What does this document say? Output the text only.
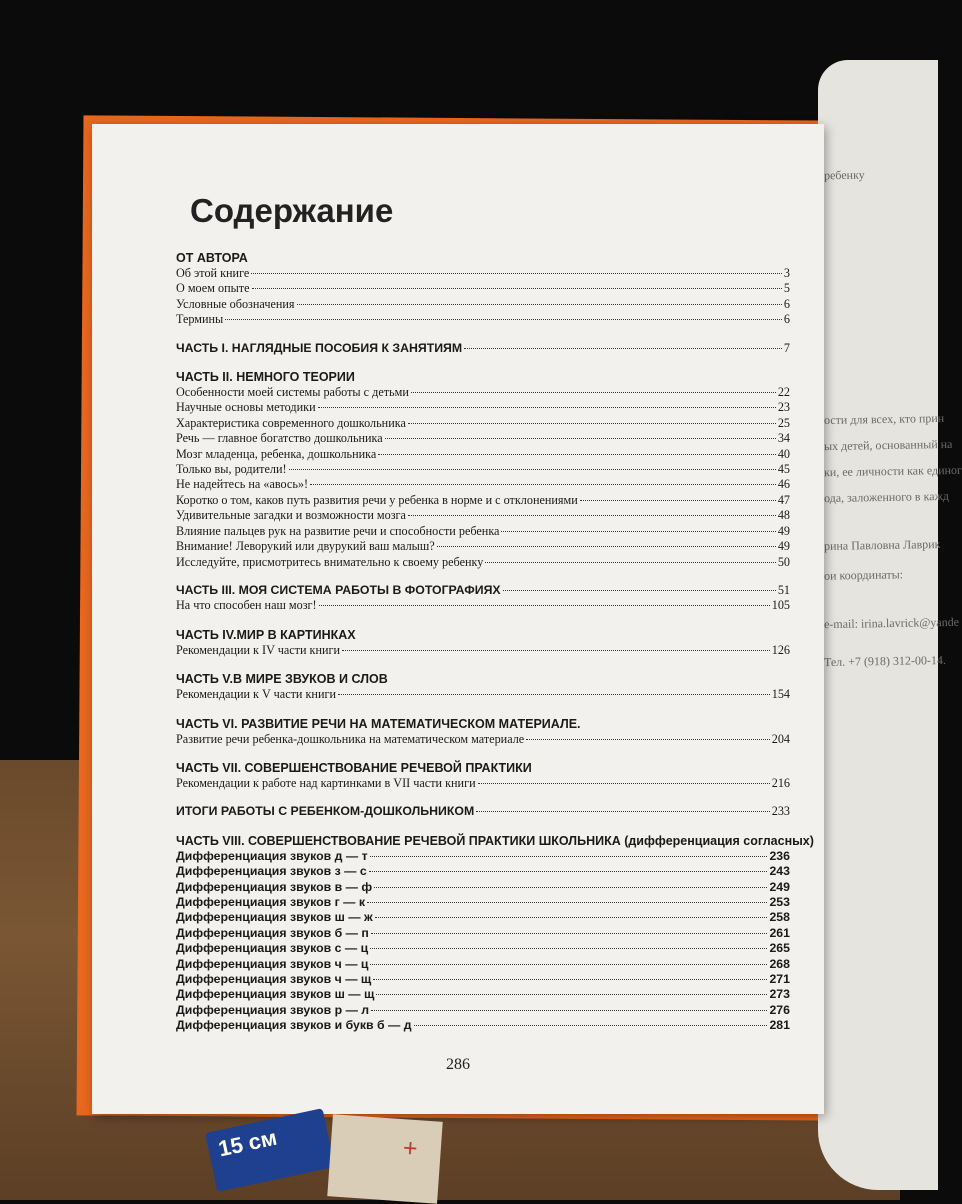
ребенку
ости для всех, кто прин
ых детей, основанный на
ки, ее личности как единог
ода, заложенного в кажд
рина Павловна Лаврик
ои координаты:
e-mail: irina.lavrick@yande
Тел. +7 (918) 312-00-14.
Содержание
ОТ АВТОРА
Об этой книге	3
О моем опыте	5
Условные обозначения	6
Термины	6
ЧАСТЬ I. НАГЛЯДНЫЕ ПОСОБИЯ К ЗАНЯТИЯМ	7
ЧАСТЬ II. НЕМНОГО ТЕОРИИ
Особенности моей системы работы с детьми	22
Научные основы методики	23
Характеристика современного дошкольника	25
Речь — главное богатство дошкольника	34
Мозг младенца, ребенка, дошкольника	40
Только вы, родители!	45
Не надейтесь на «авось»!	46
Коротко о том, каков путь развития речи у ребенка в норме и с отклонениями	47
Удивительные загадки и возможности мозга	48
Влияние пальцев рук на развитие речи и способности ребенка	49
Внимание! Леворукий или двурукий ваш малыш?	49
Исследуйте, присмотритесь внимательно к своему ребенку	50
ЧАСТЬ III. МОЯ СИСТЕМА РАБОТЫ В ФОТОГРАФИЯХ	51
На что способен наш мозг!	105
ЧАСТЬ IV.МИР В КАРТИНКАХ
Рекомендации к IV части книги	126
ЧАСТЬ V.В МИРЕ ЗВУКОВ И СЛОВ
Рекомендации к V части книги	154
ЧАСТЬ VI. РАЗВИТИЕ РЕЧИ НА МАТЕМАТИЧЕСКОМ МАТЕРИАЛЕ.
Развитие речи ребенка-дошкольника на математическом материале	204
ЧАСТЬ VII. СОВЕРШЕНСТВОВАНИЕ РЕЧЕВОЙ ПРАКТИКИ
Рекомендации к работе над картинками в VII части книги	216
ИТОГИ РАБОТЫ С РЕБЕНКОМ-ДОШКОЛЬНИКОМ	233
ЧАСТЬ VIII. СОВЕРШЕНСТВОВАНИЕ РЕЧЕВОЙ ПРАКТИКИ ШКОЛЬНИКА (дифференциация согласных)
Дифференциация звуков д — т	236
Дифференциация звуков з — с	243
Дифференциация звуков в — ф	249
Дифференциация звуков г — к	253
Дифференциация звуков ш — ж	258
Дифференциация звуков б — п	261
Дифференциация звуков с — ц	265
Дифференциация звуков ч — ц	268
Дифференциация звуков ч — щ	271
Дифференциация звуков ш — щ	273
Дифференциация звуков р — л	276
Дифференциация звуков и букв б — д	281
286
15 см	+
